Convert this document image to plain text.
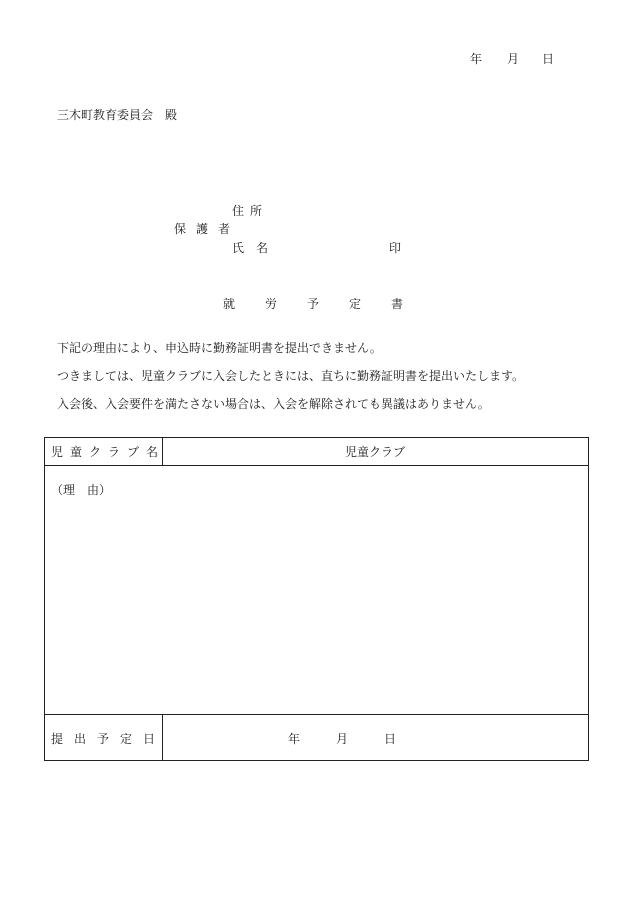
年 月 日
三木町教育委員会　殿
住所
保護者
氏名	印
就労予定書
下記の理由により、申込時に勤務証明書を提出できません。
つきましては、児童クラブに入会したときには、直ちに勤務証明書を提出いたします。
入会後、入会要件を満たさない場合は、入会を解除されても異議はありません。
児童クラブ名	児童クラブ
（理　由）
提出予定日	年	月	日
